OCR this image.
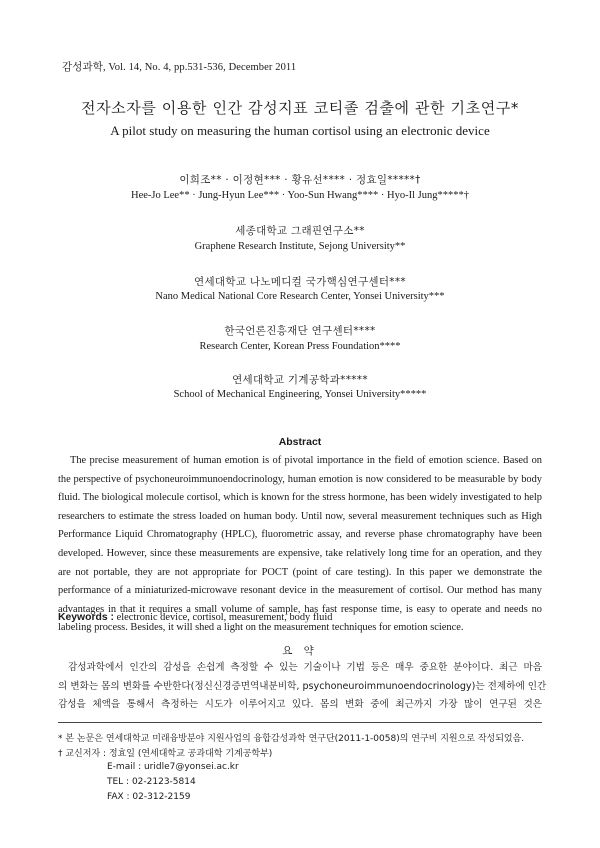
감성과학, Vol. 14, No. 4, pp.531-536, December 2011
전자소자를 이용한 인간 감성지표 코티졸 검출에 관한 기초연구*
A pilot study on measuring the human cortisol using an electronic device
이희조** · 이정현*** · 황유선**** · 정효일*****†
Hee-Jo Lee** · Jung-Hyun Lee*** · Yoo-Sun Hwang**** · Hyo-Il Jung*****†
세종대학교 그래핀연구소**
Graphene Research Institute, Sejong University**
연세대학교 나노메디컬 국가핵심연구센터***
Nano Medical National Core Research Center, Yonsei University***
한국언론진흥재단 연구센터****
Research Center, Korean Press Foundation****
연세대학교 기계공학과*****
School of Mechanical Engineering, Yonsei University*****
Abstract
The precise measurement of human emotion is of pivotal importance in the field of emotion science. Based on
the perspective of psychoneuroimmunoendocrinology, human emotion is now considered to be measurable by body
fluid. The biological molecule cortisol, which is known for the stress hormone, has been widely investigated to help
researchers to estimate the stress loaded on human body. Until now, several measurement techniques such as High
Performance Liquid Chromatography (HPLC), fluorometric assay, and reverse phase chromatography have been
developed. However, since these measurements are expensive, take relatively long time for an operation, and they
are not portable, they are not appropriate for POCT (point of care testing). In this paper we demonstrate the
performance of a miniaturized-microwave resonant device in the measurement of cortisol. Our method has many
advantages in that it requires a small volume of sample, has fast response time, is easy to operate and needs no
labeling process. Besides, it will shed a light on the measurement techniques for emotion science.
Keywords : electronic device, cortisol, measurement, body fluid
요 약
감성과학에서 인간의 감성을 손쉽게 측정할 수 있는 기술이나 기법 등은 매우 중요한 분야이다. 최근 마음
의 변화는 몸의 변화를 수반한다(정신신경증면역내분비학, psychoneuroimmunoendocrinology)는 전제하에 인간
감성을 체액을 통해서 측정하는 시도가 이루어지고 있다. 몸의 변화 중에 최근까지 가장 많이 연구된 것은
* 본 논문은 연세대학교 미래융방분야 지원사업의 융합감성과학 연구단(2011-1-0058)의 연구비 지원으로 작성되었음.
† 교신저자 : 정효일 (연세대학교 공과대학 기계공학부)
E-mail : uridle7@yonsei.ac.kr
TEL : 02-2123-5814
FAX : 02-312-2159
